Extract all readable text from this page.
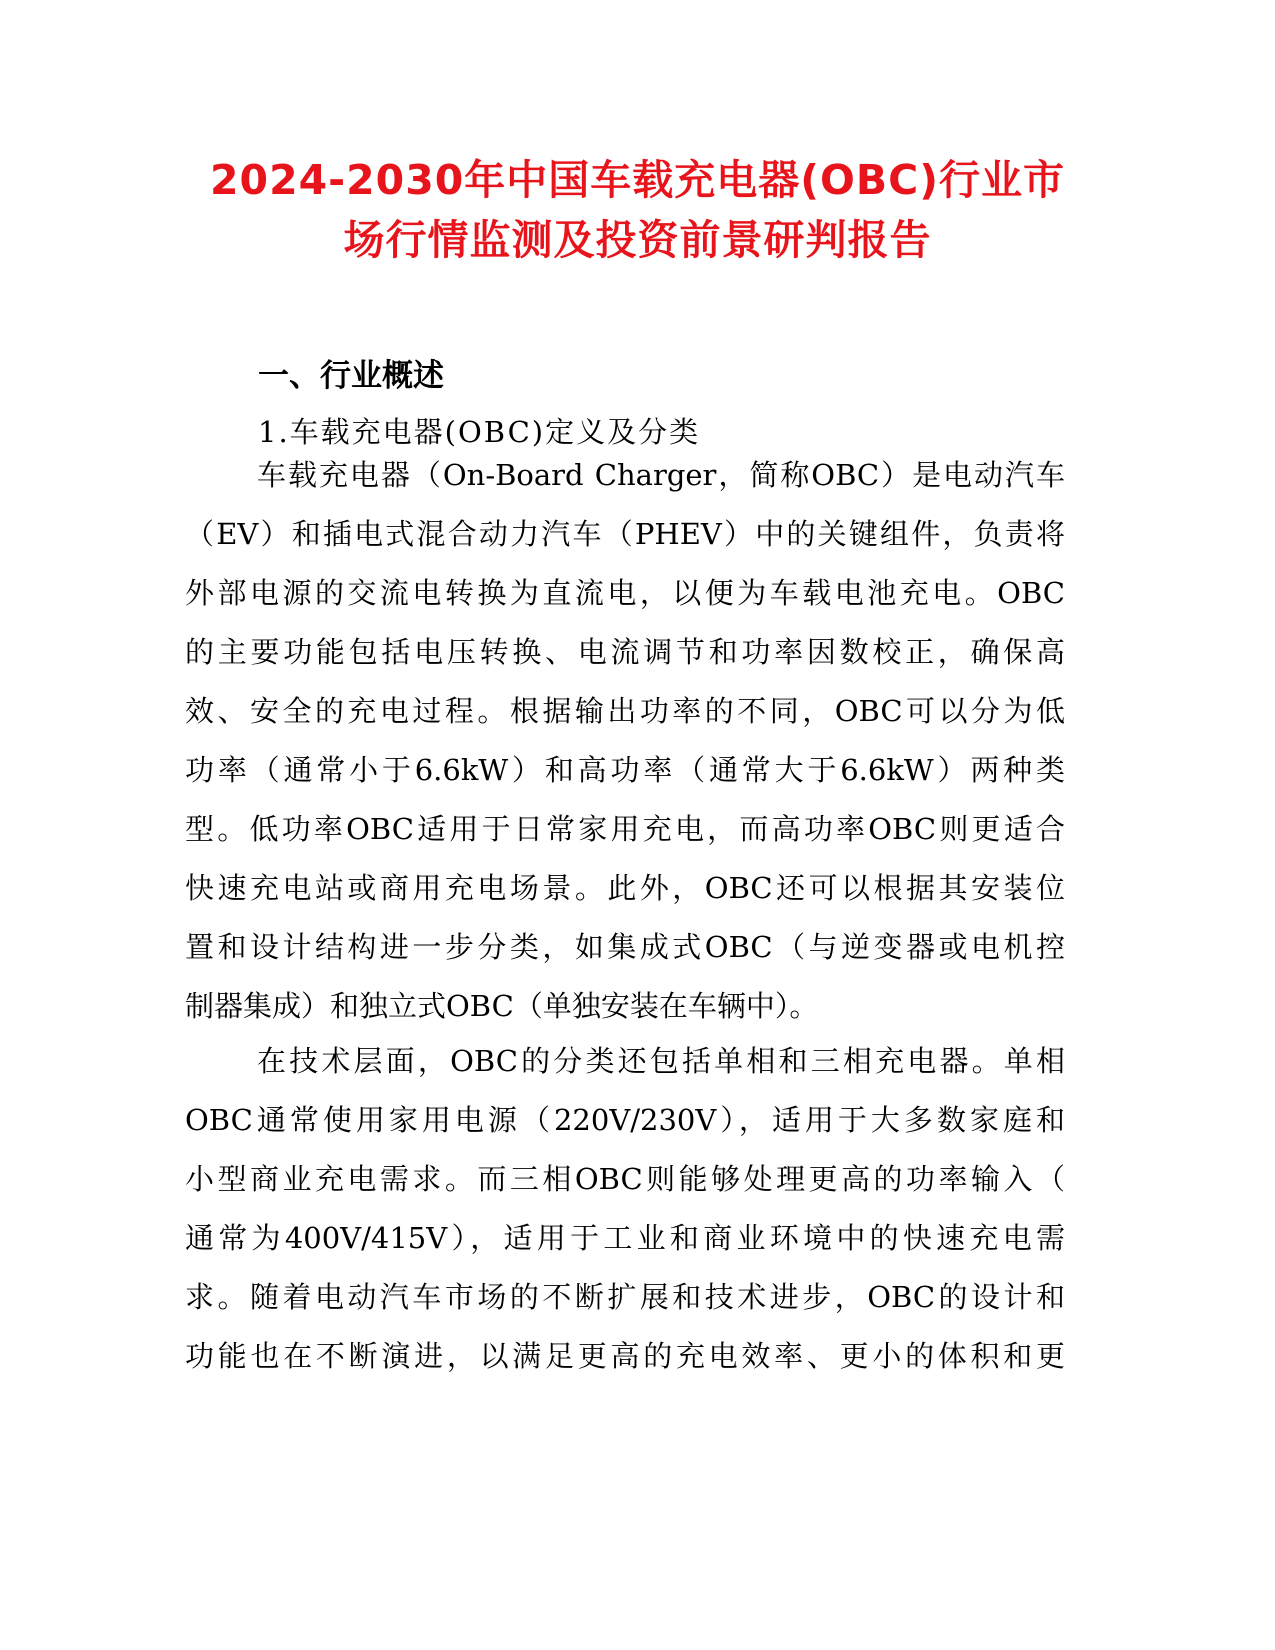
2024-2030年中国车载充电器(OBC)行业市
场行情监测及投资前景研判报告
一、行业概述
1.车载充电器(OBC)定义及分类
车载充电器（On-Board Charger，简称OBC）是电动汽车
（EV）和插电式混合动力汽车（PHEV）中的关键组件，负责将
外部电源的交流电转换为直流电，以便为车载电池充电。OBC
的主要功能包括电压转换、电流调节和功率因数校正，确保高
效、安全的充电过程。根据输出功率的不同，OBC可以分为低
功率（通常小于6.6kW）和高功率（通常大于6.6kW）两种类
型。低功率OBC适用于日常家用充电，而高功率OBC则更适合
快速充电站或商用充电场景。此外，OBC还可以根据其安装位
置和设计结构进一步分类，如集成式OBC（与逆变器或电机控
制器集成）和独立式OBC（单独安装在车辆中）。
在技术层面，OBC的分类还包括单相和三相充电器。单相
OBC通常使用家用电源（220V/230V），适用于大多数家庭和
小型商业充电需求。而三相OBC则能够处理更高的功率输入（
通常为400V/415V），适用于工业和商业环境中的快速充电需
求。随着电动汽车市场的不断扩展和技术进步，OBC的设计和
功能也在不断演进，以满足更高的充电效率、更小的体积和更
